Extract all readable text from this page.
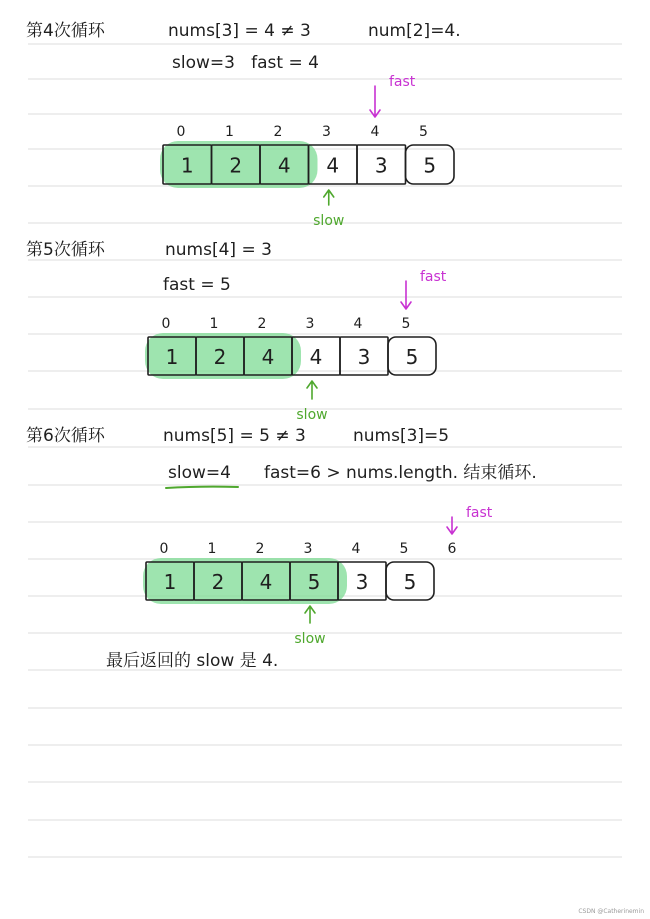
第4次循环	nums[3] = 4 ≠ 3	num[2]=4.
slow=3   fast = 4
1 2 4 4 3 5
0	1	2	3	4	5
fast
slow
第5次循环	nums[4] = 3
fast = 5
1 2 4 4 3 5
0	1	2	3	4	5
fast
slow
第6次循环	nums[5] = 5 ≠ 3	nums[3]=5
slow=4 fast=6 > nums.length. 结束循环.
1 2 4 5 3 5
0	1	2	3	4	5	6
fast
slow
最后返回的 slow 是 4.
CSDN @Catherinemin
